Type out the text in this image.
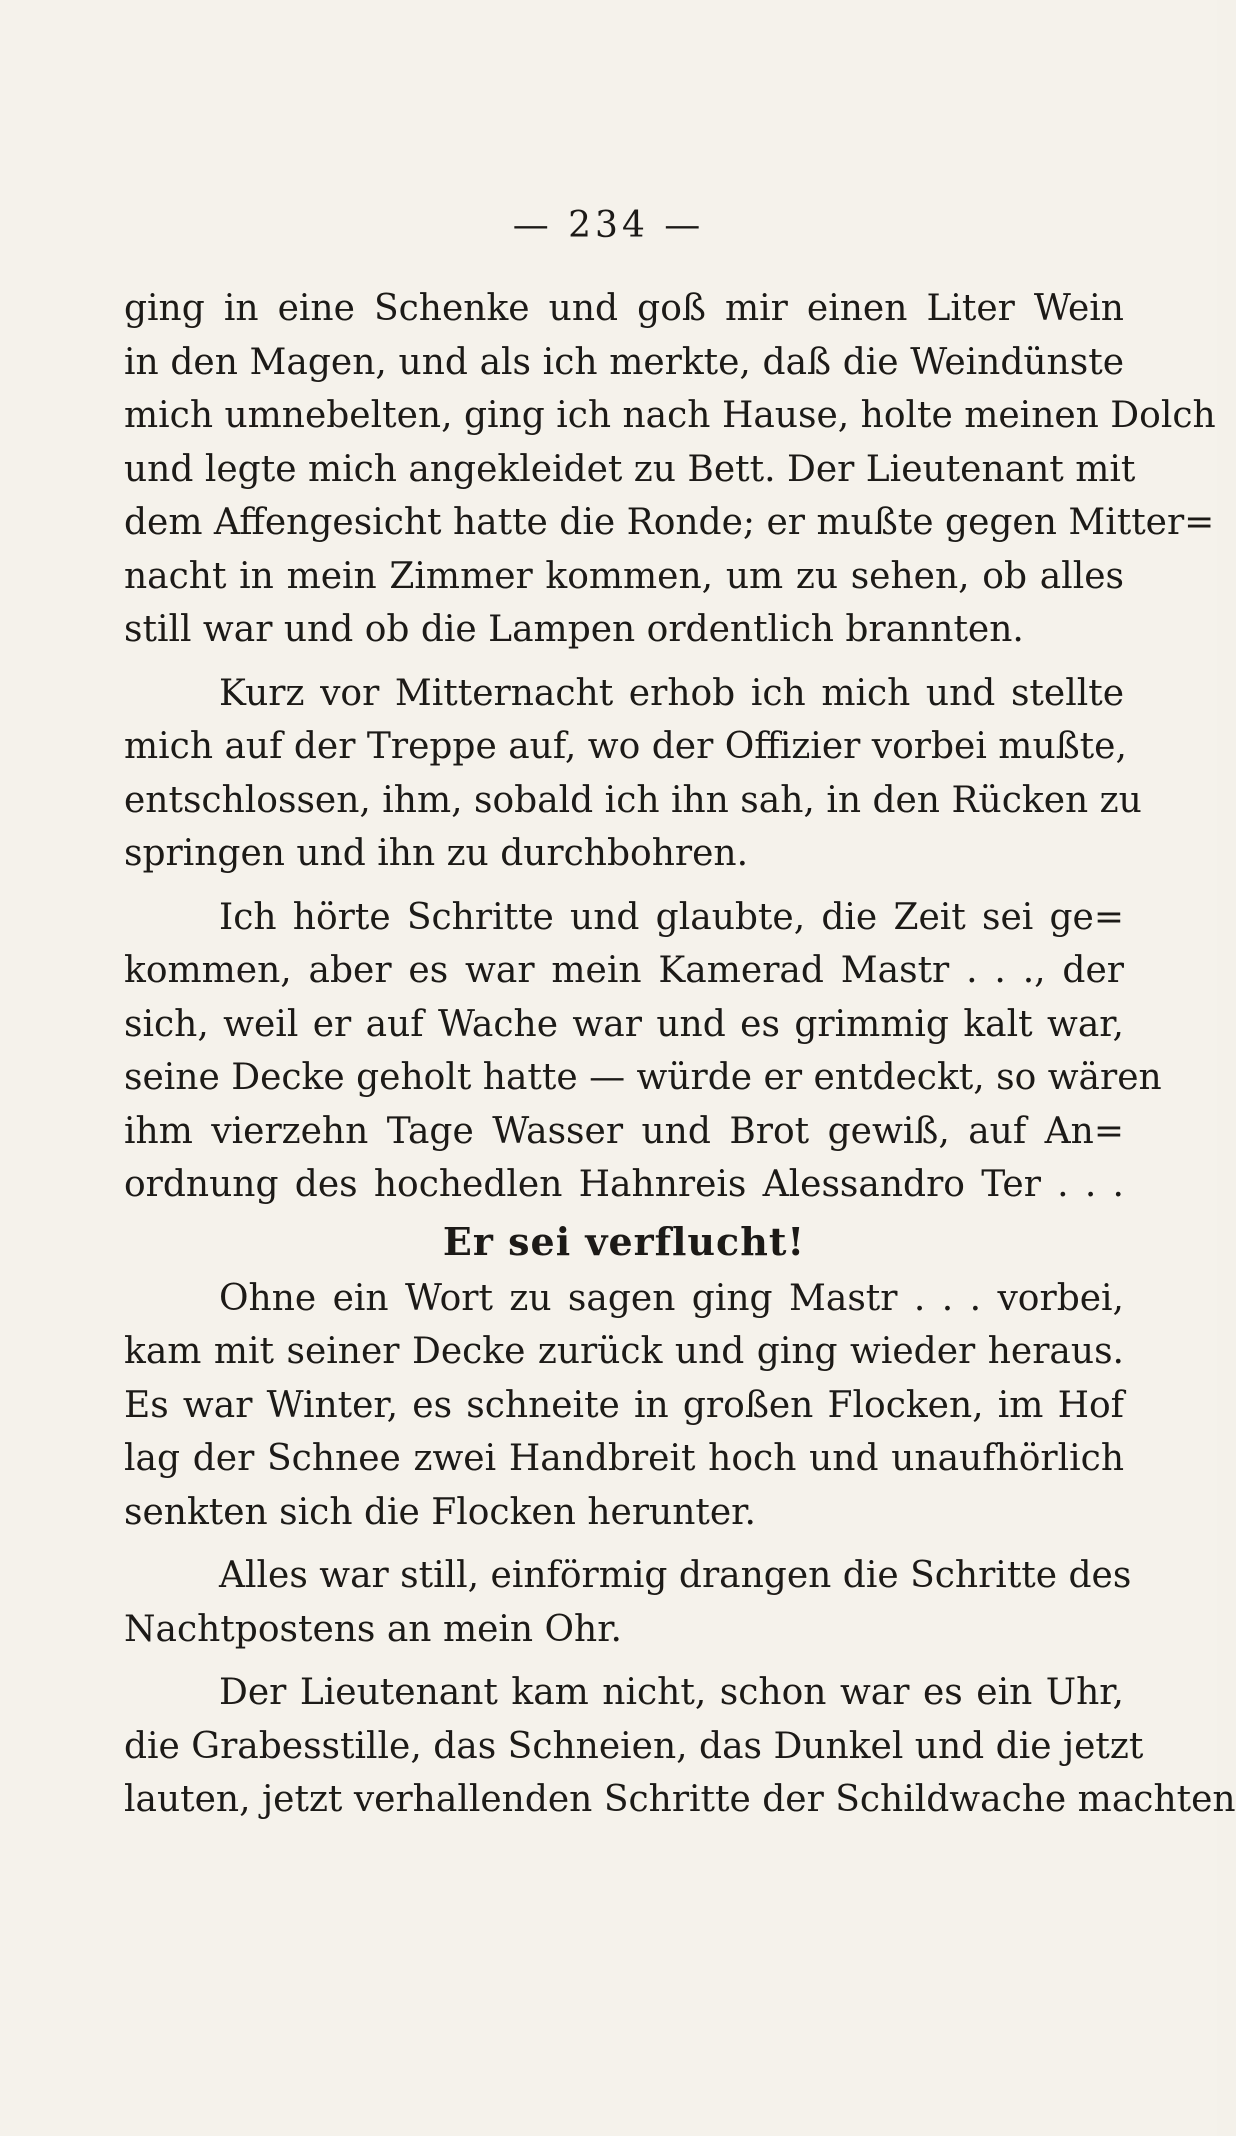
— 234 —
ging in eine Schenke und goß mir einen Liter Wein
in den Magen, und als ich merkte, daß die Weindünste
mich umnebelten, ging ich nach Hause, holte meinen Dolch
und legte mich angekleidet zu Bett. Der Lieutenant mit
dem Affengesicht hatte die Ronde; er mußte gegen Mitter=
nacht in mein Zimmer kommen, um zu sehen, ob alles
still war und ob die Lampen ordentlich brannten.
Kurz vor Mitternacht erhob ich mich und stellte
mich auf der Treppe auf, wo der Offizier vorbei mußte,
entschlossen, ihm, sobald ich ihn sah, in den Rücken zu
springen und ihn zu durchbohren.
Ich hörte Schritte und glaubte, die Zeit sei ge=
kommen, aber es war mein Kamerad Mastr . . ., der
sich, weil er auf Wache war und es grimmig kalt war,
seine Decke geholt hatte — würde er entdeckt, so wären
ihm vierzehn Tage Wasser und Brot gewiß, auf An=
ordnung des hochedlen Hahnreis Alessandro Ter . . .
Er sei verflucht!
Ohne ein Wort zu sagen ging Mastr . . . vorbei,
kam mit seiner Decke zurück und ging wieder heraus.
Es war Winter, es schneite in großen Flocken, im Hof
lag der Schnee zwei Handbreit hoch und unaufhörlich
senkten sich die Flocken herunter.
Alles war still, einförmig drangen die Schritte des
Nachtpostens an mein Ohr.
Der Lieutenant kam nicht, schon war es ein Uhr,
die Grabesstille, das Schneien, das Dunkel und die jetzt
lauten, jetzt verhallenden Schritte der Schildwache machten
